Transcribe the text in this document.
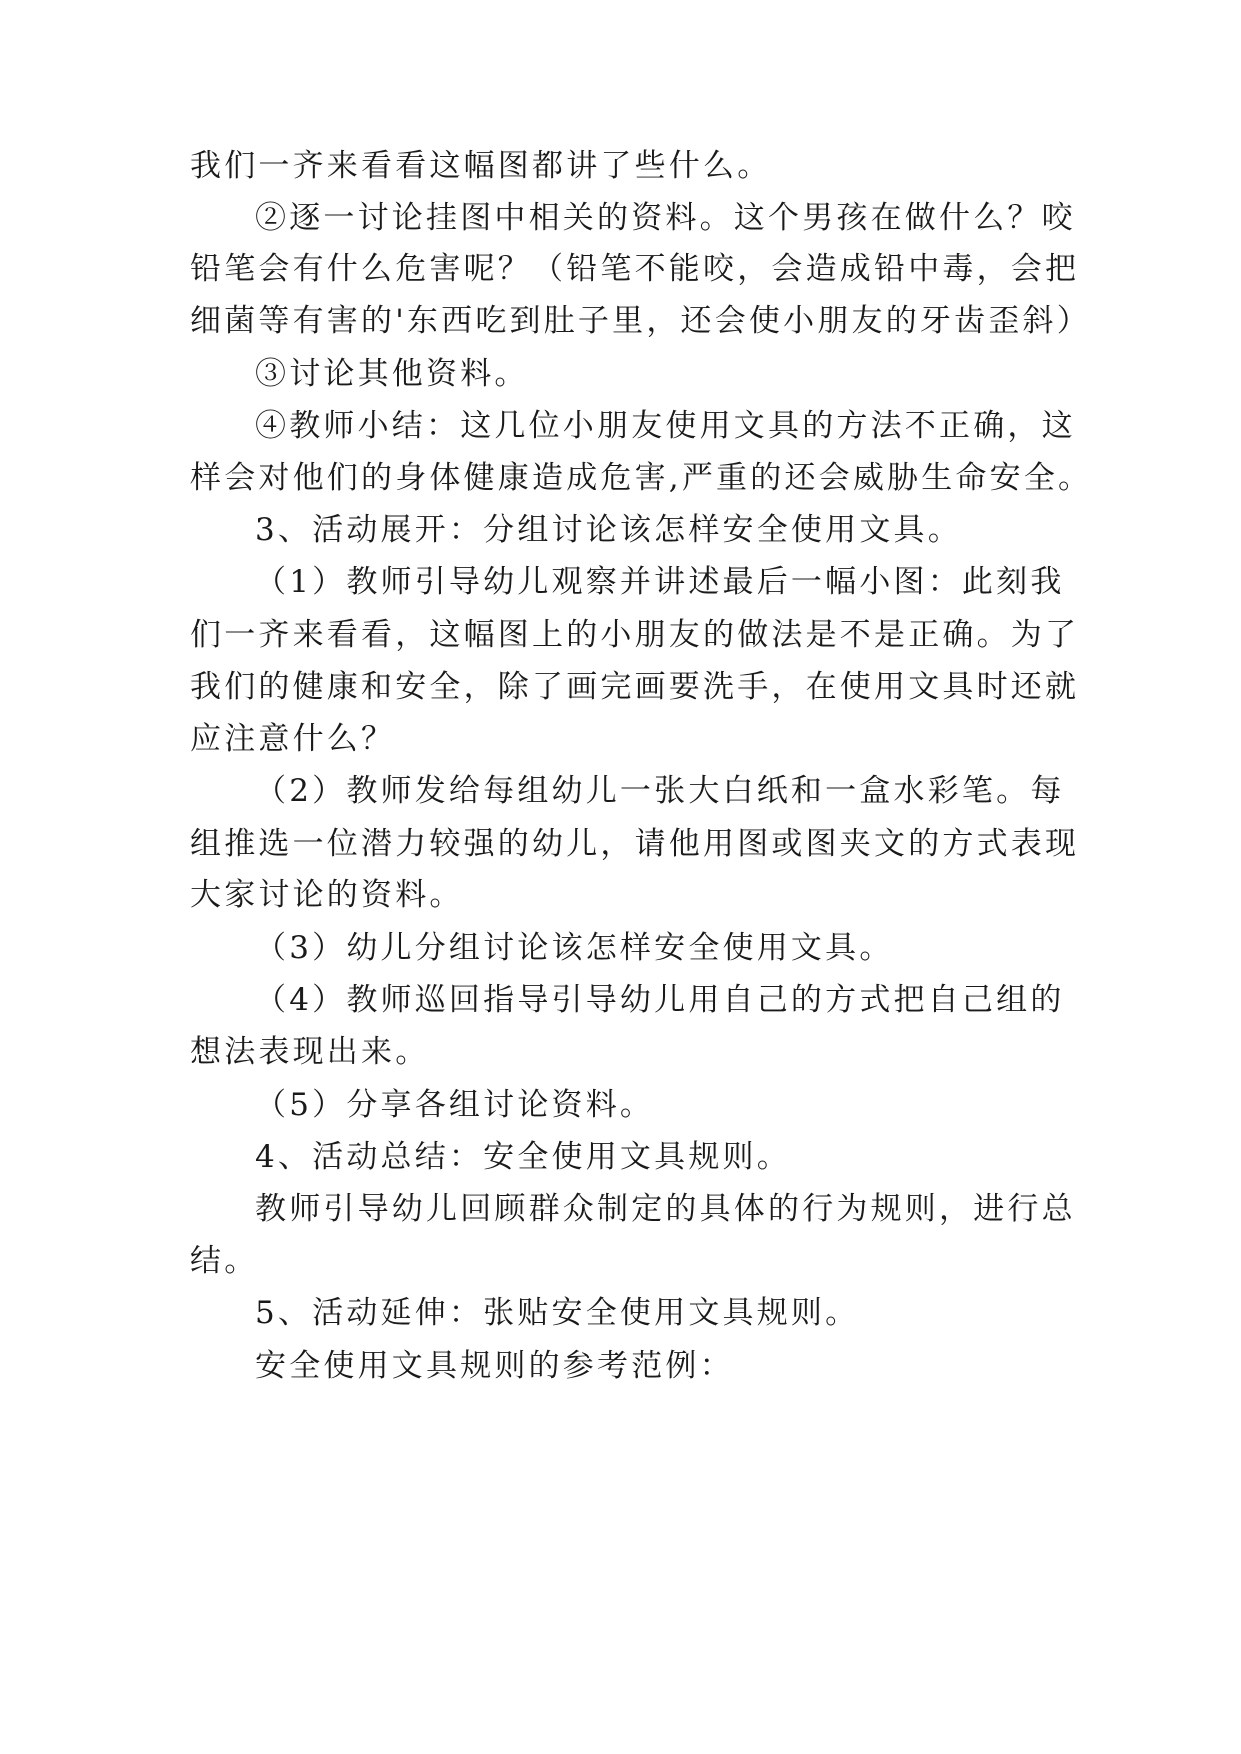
我们一齐来看看这幅图都讲了些什么。
②逐一讨论挂图中相关的资料。这个男孩在做什么？咬
铅笔会有什么危害呢？（铅笔不能咬，会造成铅中毒，会把
细菌等有害的'东西吃到肚子里，还会使小朋友的牙齿歪斜）
③讨论其他资料。
④教师小结：这几位小朋友使用文具的方法不正确，这
样会对他们的身体健康造成危害,严重的还会威胁生命安全。
3、活动展开：分组讨论该怎样安全使用文具。
（1）教师引导幼儿观察并讲述最后一幅小图：此刻我
们一齐来看看，这幅图上的小朋友的做法是不是正确。为了
我们的健康和安全，除了画完画要洗手，在使用文具时还就
应注意什么？
（2）教师发给每组幼儿一张大白纸和一盒水彩笔。每
组推选一位潜力较强的幼儿，请他用图或图夹文的方式表现
大家讨论的资料。
（3）幼儿分组讨论该怎样安全使用文具。
（4）教师巡回指导引导幼儿用自己的方式把自己组的
想法表现出来。
（5）分享各组讨论资料。
4、活动总结：安全使用文具规则。
教师引导幼儿回顾群众制定的具体的行为规则，进行总
结。
5、活动延伸：张贴安全使用文具规则。
安全使用文具规则的参考范例：
